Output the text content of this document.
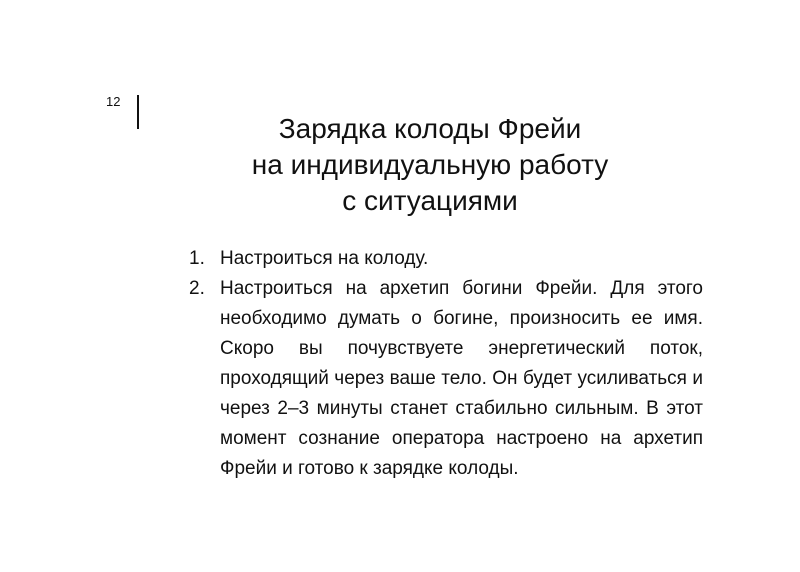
12
Зарядка колоды Фрейи
на индивидуальную работу
с ситуациями
1. Настроиться на колоду.
2. Настроиться на архетип богини Фрейи. Для этого необходимо думать о богине, произносить ее имя. Скоро вы почувствуете энергетический поток, проходящий через ваше тело. Он будет усиливаться и через 2–3 минуты станет стабильно сильным. В этот момент сознание оператора настроено на архетип Фрейи и готово к зарядке колоды.
